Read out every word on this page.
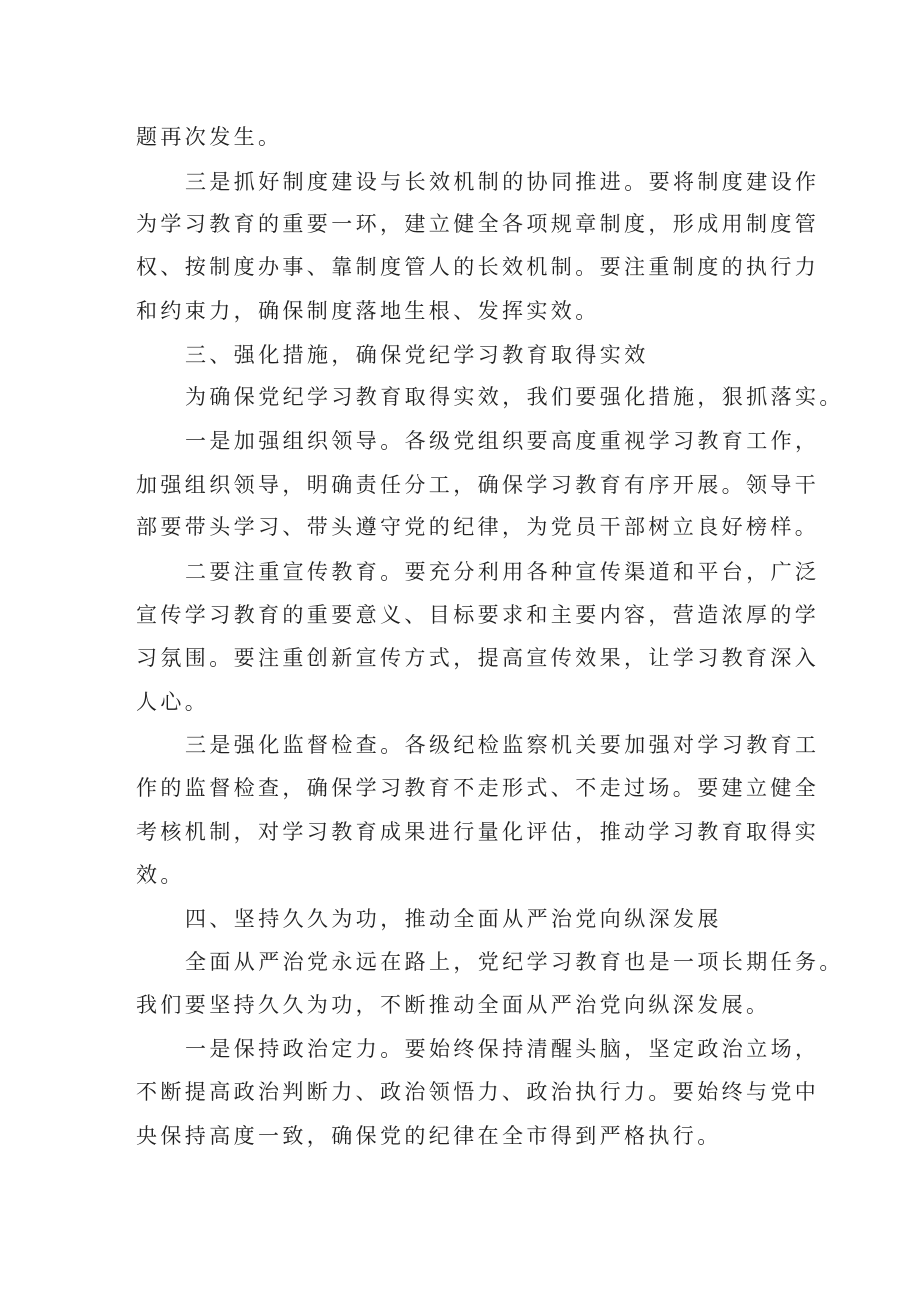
题再次发生。
三是抓好制度建设与长效机制的协同推进。要将制度建设作
为学习教育的重要一环，建立健全各项规章制度，形成用制度管
权、按制度办事、靠制度管人的长效机制。要注重制度的执行力
和约束力，确保制度落地生根、发挥实效。
三、强化措施，确保党纪学习教育取得实效
为确保党纪学习教育取得实效，我们要强化措施，狠抓落实。
一是加强组织领导。各级党组织要高度重视学习教育工作，
加强组织领导，明确责任分工，确保学习教育有序开展。领导干
部要带头学习、带头遵守党的纪律，为党员干部树立良好榜样。
二要注重宣传教育。要充分利用各种宣传渠道和平台，广泛
宣传学习教育的重要意义、目标要求和主要内容，营造浓厚的学
习氛围。要注重创新宣传方式，提高宣传效果，让学习教育深入
人心。
三是强化监督检查。各级纪检监察机关要加强对学习教育工
作的监督检查，确保学习教育不走形式、不走过场。要建立健全
考核机制，对学习教育成果进行量化评估，推动学习教育取得实
效。
四、坚持久久为功，推动全面从严治党向纵深发展
全面从严治党永远在路上，党纪学习教育也是一项长期任务。
我们要坚持久久为功，不断推动全面从严治党向纵深发展。
一是保持政治定力。要始终保持清醒头脑，坚定政治立场，
不断提高政治判断力、政治领悟力、政治执行力。要始终与党中
央保持高度一致，确保党的纪律在全市得到严格执行。
